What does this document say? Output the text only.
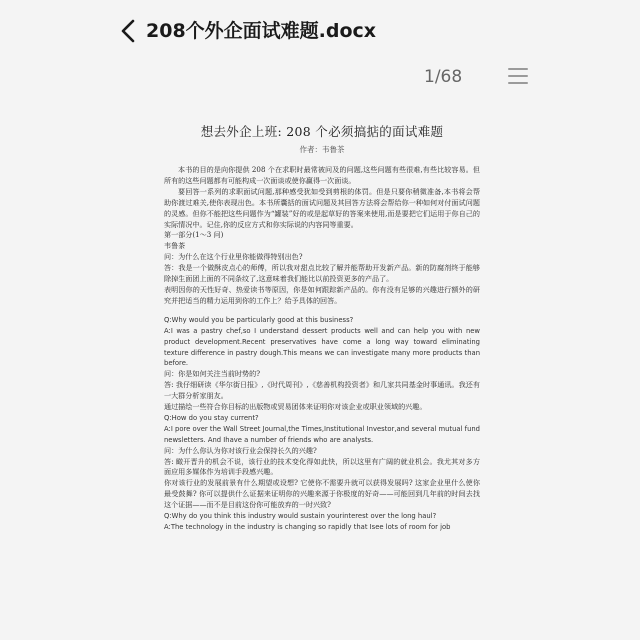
208个外企面试难题.docx
1/68
想去外企上班: 208 个必须搞掂的面试难题
作者：韦鲁茶

本书的目的是向你提供 208 个在求职时最常被问及的问题,这些问题有些很难,有些比较容易。但所有的这些问题都有可能构成一次面谈或使你赢得一次面谈。

要回答一系列的求职面试问题,那种感受犹如受到剪根的体罚。但是只要你稍微准备,本书将会帮助你渡过难关,使你表现出色。本书所囊括的面试问题及其回答方法将会帮给你一种如何对付面试问题的灵感。但你不能把这些问题作为“罐装”好的或是起草好的答案来使用,而是要把它们运用于你自己的实际情况中。记住,你的反应方式和你实际说的内容同等重要。

第一部分(1～3 问)

韦鲁茶

问：为什么在这个行业里你能做得特别出色?

答：我是一个做酥皮点心的师傅，所以我对甜点比较了解并能帮助开发新产品。新的防腐剂终于能够除掉生面团上面的不同条纹了,这意味着我们能比以前投资更多的产品了。

表明因你的天性好奇、热爱读书等原因，你是如何跟踪新产品的。你有没有足够的兴趣进行额外的研究并把适当的精力运用到你的工作上？给予具体的回答。

Q:Why would you be particularly good at this business?

A:I was a pastry chef,so I understand dessert products well and can help you with new product development.Recent preservatives have come a long way toward eliminating texture difference in pastry dough.This means we can investigate many more products than before.

问：你是如何关注当前时势的?

答: 我仔细研读《华尔街日报》,《时代周刊》,《慈善机构投资者》和几家共同基金时事通讯。我还有一大群分析家朋友。

通过描绘一些符合你目标的出版物或贸易团体来证明你对该企业或职业领域的兴趣。

Q:How do you stay current?

A:I pore over the Wall Street Journal,the Times,Institutional Investor,and several mutual fund newsletters. And Ihave a number of friends who are analysts.

问：为什么你认为你对该行业会保持长久的兴趣?

答: 瞰开晋升的机会不说，该行业的技术变化得如此快，所以这里有广阔的就业机会。我尤其对多方面应用多媒体作为培训手段感兴趣。

你对该行业的发展前景有什么期望或设想? 它使你不需要升就可以获得发展吗? 这家企业里什么使你最受鼓舞? 你可以提供什么证据来证明你的兴趣来源于你极度的好奇——可能回到几年前的时间去找这个证据——而不是目前这份你可能放弃的一时兴致?

Q:Why do you think this industry would sustain yourinterest over the long haul?

A:The technology in the industry is changing so rapidly that Isee lots of room for job
